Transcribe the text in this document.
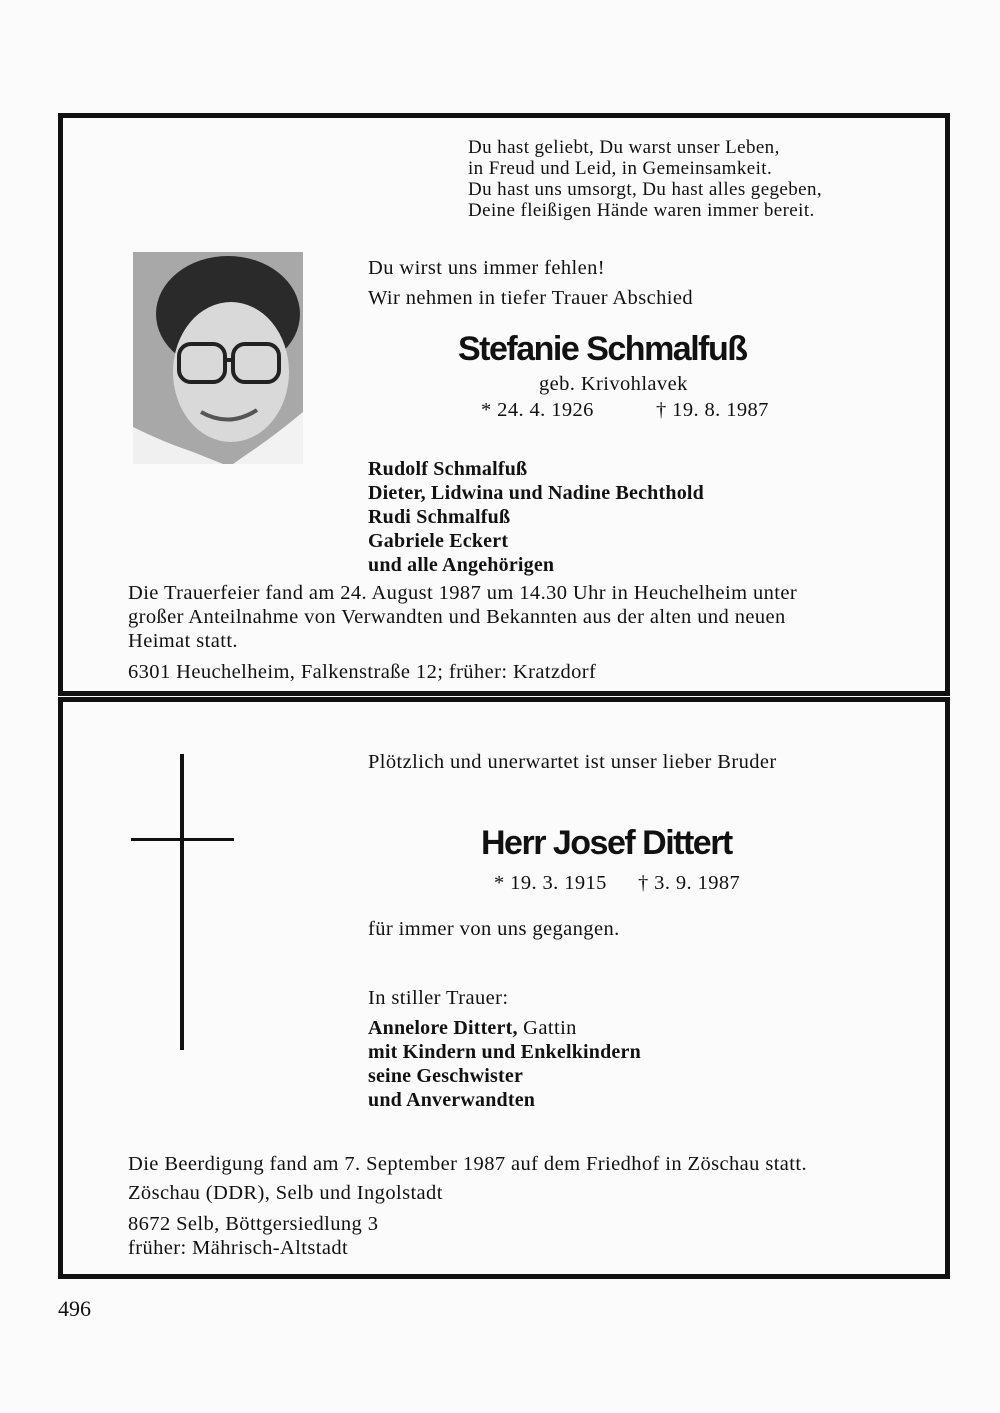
Du hast geliebt, Du warst unser Leben,
in Freud und Leid, in Gemeinsamkeit.
Du hast uns umsorgt, Du hast alles gegeben,
Deine fleißigen Hände waren immer bereit.
Du wirst uns immer fehlen!
Wir nehmen in tiefer Trauer Abschied
Stefanie Schmalfuß
geb. Krivohlavek
* 24. 4. 1926	† 19. 8. 1987
Rudolf Schmalfuß
Dieter, Lidwina und Nadine Bechthold
Rudi Schmalfuß
Gabriele Eckert
und alle Angehörigen
Die Trauerfeier fand am 24. August 1987 um 14.30 Uhr in Heuchelheim unter
großer Anteilnahme von Verwandten und Bekannten aus der alten und neuen
Heimat statt.
6301 Heuchelheim, Falkenstraße 12; früher: Kratzdorf
Plötzlich und unerwartet ist unser lieber Bruder
Herr Josef Dittert
* 19. 3. 1915 † 3. 9. 1987
für immer von uns gegangen.
In stiller Trauer:
Annelore Dittert, Gattin
mit Kindern und Enkelkindern
seine Geschwister
und Anverwandten
Die Beerdigung fand am 7. September 1987 auf dem Friedhof in Zöschau statt.
Zöschau (DDR), Selb und Ingolstadt
8672 Selb, Böttgersiedlung 3
früher: Mährisch-Altstadt
496
